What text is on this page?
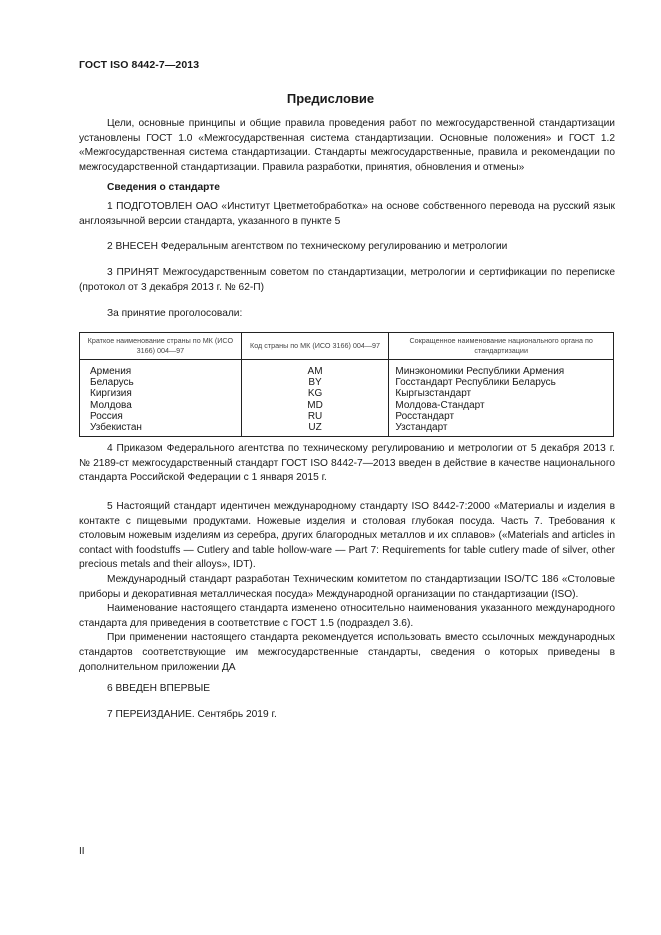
ГОСТ ISO 8442-7—2013
Предисловие

Цели, основные принципы и общие правила проведения работ по межгосударственной стандартизации установлены ГОСТ 1.0 «Межгосударственная система стандартизации. Основные положения» и ГОСТ 1.2 «Межгосударственная система стандартизации. Стандарты межгосударственные, правила и рекомендации по межгосударственной стандартизации. Правила разработки, принятия, обновления и отмены»

Сведения о стандарте

1 ПОДГОТОВЛЕН ОАО «Институт Цветметобработка» на основе собственного перевода на русский язык англоязычной версии стандарта, указанного в пункте 5

2 ВНЕСЕН Федеральным агентством по техническому регулированию и метрологии

3 ПРИНЯТ Межгосударственным советом по стандартизации, метрологии и сертификации по переписке (протокол от 3 декабря 2013 г. № 62-П)

За принятие проголосовали:

Краткое наименование страны по МК (ИСО 3166) 004—97	Код страны по МК (ИСО 3166) 004—97	Сокращенное наименование национального органа по стандартизации
Армения	AM	Минэкономики Республики Армения
Беларусь	BY	Госстандарт Республики Беларусь
Киргизия	KG	Кыргызстандарт
Молдова	MD	Молдова-Стандарт
Россия	RU	Росстандарт
Узбекистан	UZ	Узстандарт

4 Приказом Федерального агентства по техническому регулированию и метрологии от 5 декабря 2013 г. № 2189-ст межгосударственный стандарт ГОСТ ISO 8442-7—2013 введен в действие в качестве национального стандарта Российской Федерации с 1 января 2015 г.

5 Настоящий стандарт идентичен международному стандарту ISO 8442-7:2000 «Материалы и изделия в контакте с пищевыми продуктами. Ножевые изделия и столовая глубокая посуда. Часть 7. Требования к столовым ножевым изделиям из серебра, других благородных металлов и их сплавов» («Materials and articles in contact with foodstuffs — Cutlery and table hollow-ware — Part 7: Requirements for table cutlery made of silver, other precious metals and their alloys», IDT).

Международный стандарт разработан Техническим комитетом по стандартизации ISO/TC 186 «Столовые приборы и декоративная металлическая посуда» Международной организации по стандартизации (ISO).

Наименование настоящего стандарта изменено относительно наименования указанного международного стандарта для приведения в соответствие с ГОСТ 1.5 (подраздел 3.6).

При применении настоящего стандарта рекомендуется использовать вместо ссылочных международных стандартов соответствующие им межгосударственные стандарты, сведения о которых приведены в дополнительном приложении ДА

6 ВВЕДЕН ВПЕРВЫЕ

7 ПЕРЕИЗДАНИЕ. Сентябрь 2019 г.

II
